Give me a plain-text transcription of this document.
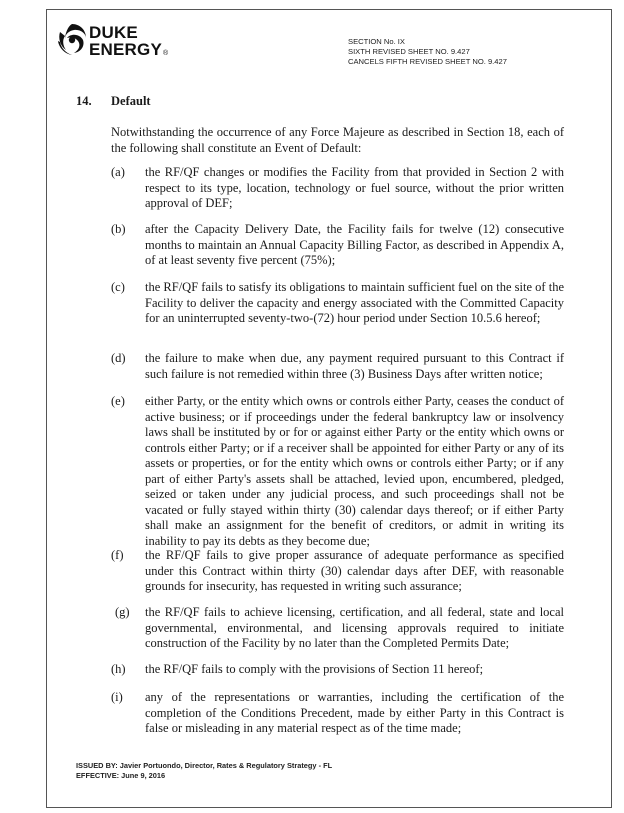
DUKE
ENERGY®
SECTION No. IX
SIXTH REVISED SHEET NO. 9.427
CANCELS FIFTH REVISED SHEET NO. 9.427
14. Default
Notwithstanding the occurrence of any Force Majeure as described in Section 18, each of the following shall constitute an Event of Default:
(a) the RF/QF changes or modifies the Facility from that provided in Section 2 with respect to its type, location, technology or fuel source, without the prior written approval of DEF;
(b) after the Capacity Delivery Date, the Facility fails for twelve (12) consecutive months to maintain an Annual Capacity Billing Factor, as described in Appendix A, of at least seventy five percent (75%);
(c) the RF/QF fails to satisfy its obligations to maintain sufficient fuel on the site of the Facility to deliver the capacity and energy associated with the Committed Capacity for an uninterrupted seventy-two-(72) hour period under Section 10.5.6 hereof;
(d) the failure to make when due, any payment required pursuant to this Contract if such failure is not remedied within three (3) Business Days after written notice;
(e) either Party, or the entity which owns or controls either Party, ceases the conduct of active business; or if proceedings under the federal bankruptcy law or insolvency laws shall be instituted by or for or against either Party or the entity which owns or controls either Party; or if a receiver shall be appointed for either Party or any of its assets or properties, or for the entity which owns or controls either Party; or if any part of either Party's assets shall be attached, levied upon, encumbered, pledged, seized or taken under any judicial process, and such proceedings shall not be vacated or fully stayed within thirty (30) calendar days thereof; or if either Party shall make an assignment for the benefit of creditors, or admit in writing its inability to pay its debts as they become due;
(f) the RF/QF fails to give proper assurance of adequate performance as specified under this Contract within thirty (30) calendar days after DEF, with reasonable grounds for insecurity, has requested in writing such assurance;
(g) the RF/QF fails to achieve licensing, certification, and all federal, state and local governmental, environmental, and licensing approvals required to initiate construction of the Facility by no later than the Completed Permits Date;
(h) the RF/QF fails to comply with the provisions of Section 11 hereof;
(i) any of the representations or warranties, including the certification of the completion of the Conditions Precedent, made by either Party in this Contract is false or misleading in any material respect as of the time made;
ISSUED BY: Javier Portuondo, Director, Rates & Regulatory Strategy - FL
EFFECTIVE: June 9, 2016
